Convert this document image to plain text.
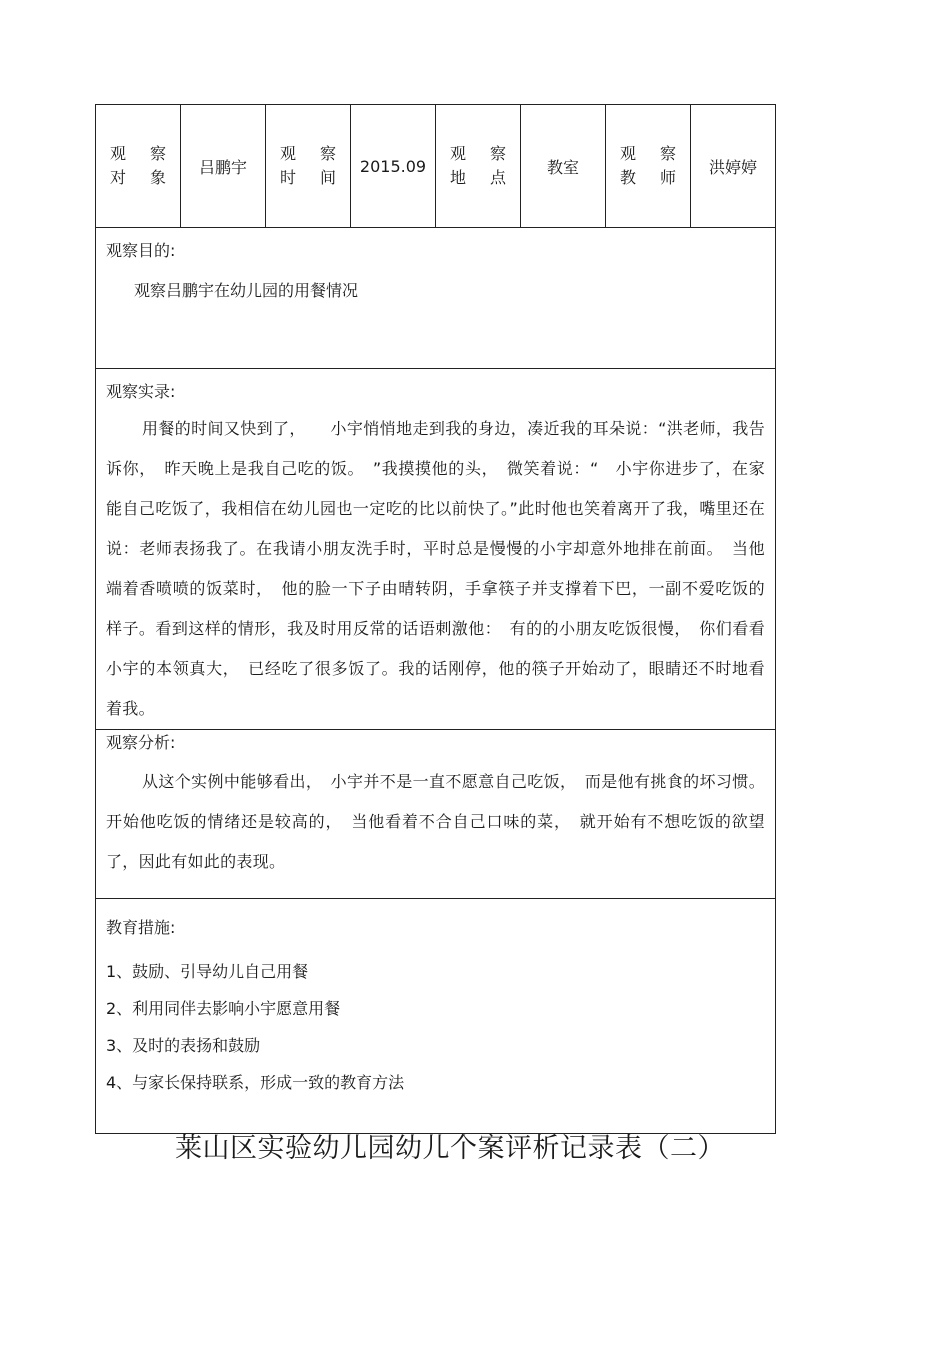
观 察
对 象
	吕鹏宇	
观 察
时 间
	2015.09	
观 察
地 点
	教室	
观 察
教 师
	洪婷婷

观察目的:
观察吕鹏宇在幼儿园的用餐情况

观察实录:

用餐的时间又快到了，　　小宇悄悄地走到我的身边，凑近我的耳朵说：“洪老师，我告诉你，　昨天晚上是我自己吃的饭。　”我摸摸他的头，　微笑着说：“　小宇你进步了，在家能自己吃饭了，我相信在幼儿园也一定吃的比以前快了。”此时他也笑着离开了我，嘴里还在说：老师表扬我了。在我请小朋友洗手时，平时总是慢慢的小宇却意外地排在前面。　当他端着香喷喷的饭菜时，　他的脸一下子由晴转阴，手拿筷子并支撑着下巴，一副不爱吃饭的样子。看到这样的情形，我及时用反常的话语刺激他：　有的的小朋友吃饭很慢，　你们看看小宇的本领真大，　已经吃了很多饭了。我的话刚停，他的筷子开始动了，眼睛还不时地看着我。

观察分析:

从这个实例中能够看出，　小宇并不是一直不愿意自己吃饭，　而是他有挑食的坏习惯。开始他吃饭的情绪还是较高的，　当他看着不合自己口味的菜，　就开始有不想吃饭的欲望了，因此有如此的表现。

教育措施:
1、鼓励、引导幼儿自己用餐
2、利用同伴去影响小宇愿意用餐
3、及时的表扬和鼓励
4、与家长保持联系，形成一致的教育方法
莱山区实验幼儿园幼儿个案评析记录表（二）
